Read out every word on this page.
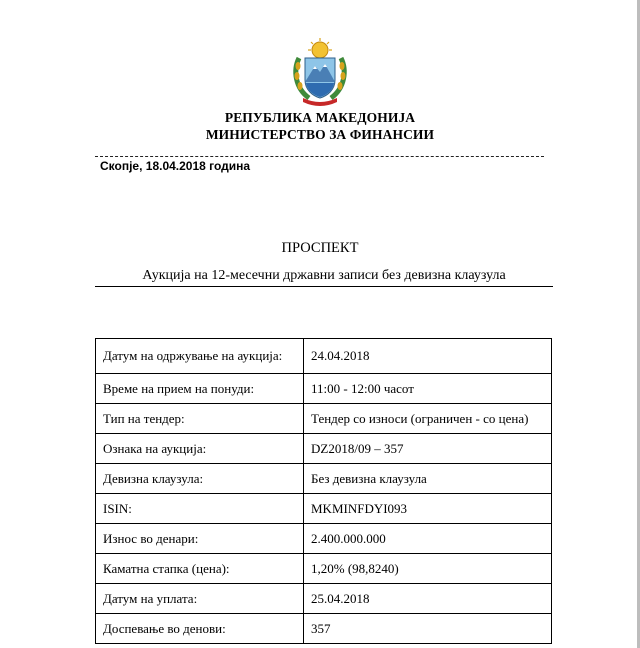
РЕПУБЛИКА МАКЕДОНИЈА
МИНИСТЕРСТВО ЗА ФИНАНСИИ
Скопје, 18.04.2018 година
ПРОСПЕКТ
Аукција на 12-месечни државни записи без девизна клаузула
Датум на одржување на аукција:	24.04.2018
Време на прием на понуди:	11:00 - 12:00 часот
Тип на тендер:	Тендер со износи (ограничен - со цена)
Ознака на аукција:	DZ2018/09 – 357
Девизна клаузула:	Без девизна клаузула
ISIN:	MKMINFDYI093
Износ во денари:	2.400.000.000
Каматна стапка (цена):	1,20% (98,8240)
Датум на уплата:	25.04.2018
Доспевање во денови:	357
